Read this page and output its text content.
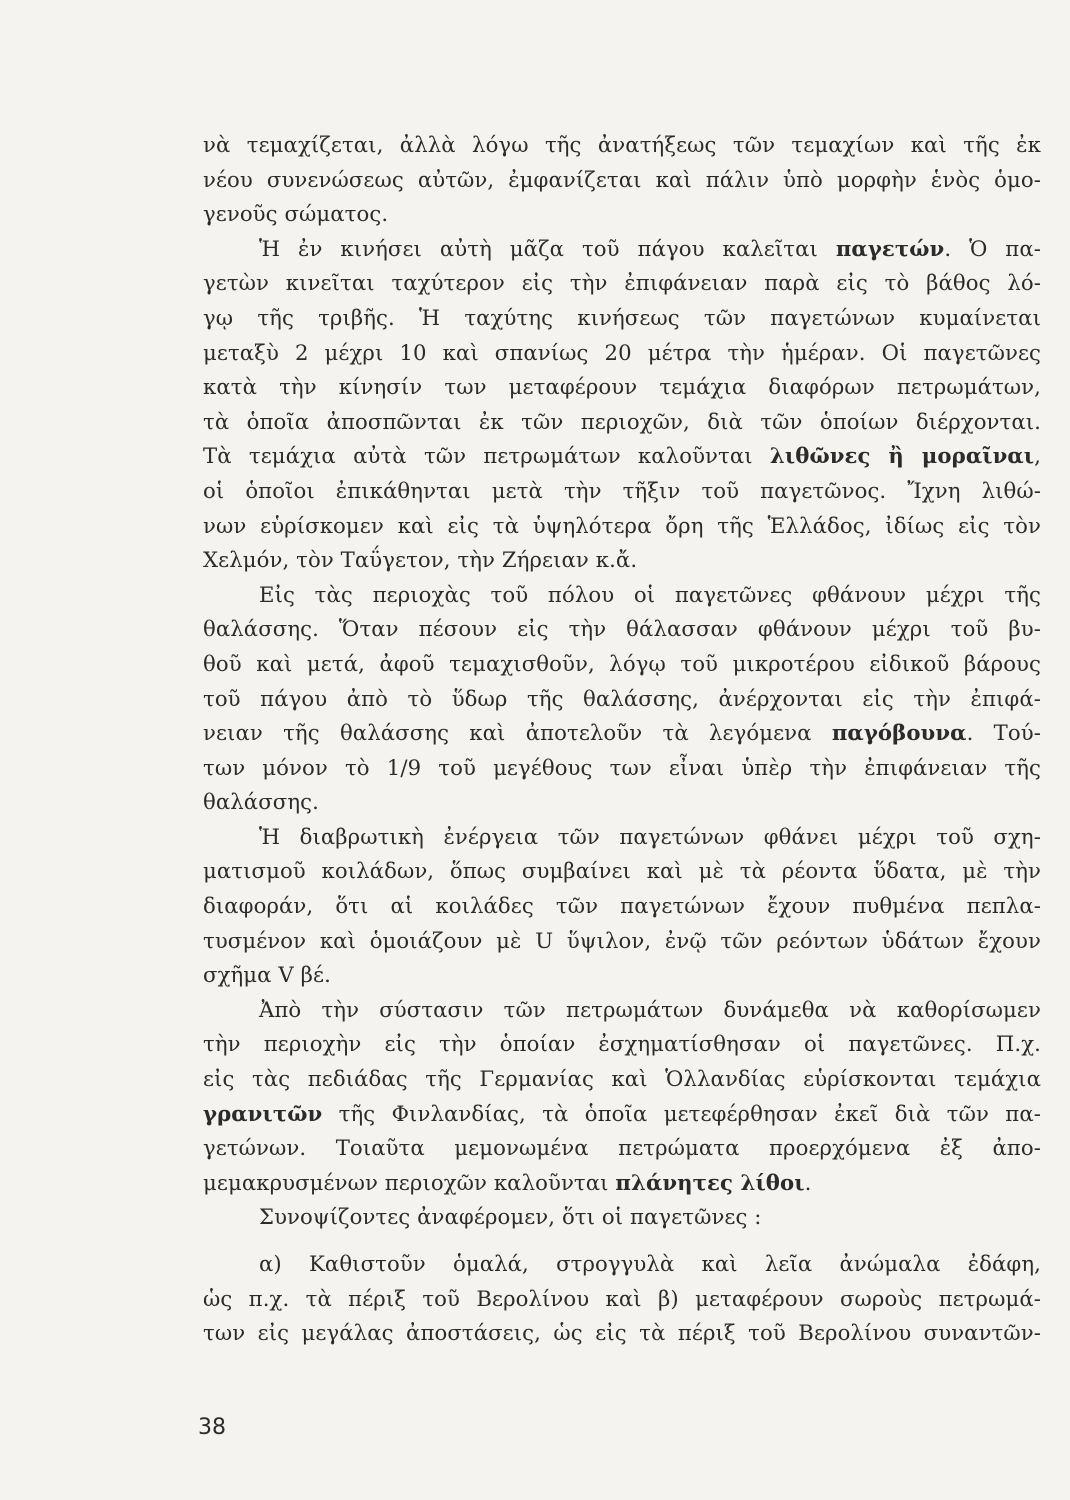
νὰ τεμαχίζεται, ἀλλὰ λόγω τῆς ἀνατήξεως τῶν τεμαχίων καὶ τῆς ἐκ
νέου συνενώσεως αὐτῶν, ἐμφανίζεται καὶ πάλιν ὑπὸ μορφὴν ἑνὸς ὁμο-
γενοῦς σώματος.
Ἡ ἐν κινήσει αὐτὴ μᾶζα τοῦ πάγου καλεῖται παγετών. Ὁ πα-
γετὼν κινεῖται ταχύτερον εἰς τὴν ἐπιφάνειαν παρὰ εἰς τὸ βάθος λό-
γῳ τῆς τριβῆς. Ἡ ταχύτης κινήσεως τῶν παγετώνων κυμαίνεται
μεταξὺ 2 μέχρι 10 καὶ σπανίως 20 μέτρα τὴν ἡμέραν. Οἱ παγετῶνες
κατὰ τὴν κίνησίν των μεταφέρουν τεμάχια διαφόρων πετρωμάτων,
τὰ ὁποῖα ἀποσπῶνται ἐκ τῶν περιοχῶν, διὰ τῶν ὁποίων διέρχονται.
Τὰ τεμάχια αὐτὰ τῶν πετρωμάτων καλοῦνται λιθῶνες ἢ μοραῖναι,
οἱ ὁποῖοι ἐπικάθηνται μετὰ τὴν τῆξιν τοῦ παγετῶνος. Ἴχνη λιθώ-
νων εὑρίσκομεν καὶ εἰς τὰ ὑψηλότερα ὄρη τῆς Ἑλλάδος, ἰδίως εἰς τὸν
Χελμόν, τὸν Ταΰγετον, τὴν Ζήρειαν κ.ἄ.
Εἰς τὰς περιοχὰς τοῦ πόλου οἱ παγετῶνες φθάνουν μέχρι τῆς
θαλάσσης. Ὅταν πέσουν εἰς τὴν θάλασσαν φθάνουν μέχρι τοῦ βυ-
θοῦ καὶ μετά, ἀφοῦ τεμαχισθοῦν, λόγῳ τοῦ μικροτέρου εἰδικοῦ βάρους
τοῦ πάγου ἀπὸ τὸ ὕδωρ τῆς θαλάσσης, ἀνέρχονται εἰς τὴν ἐπιφά-
νειαν τῆς θαλάσσης καὶ ἀποτελοῦν τὰ λεγόμενα παγόβουνα. Τού-
των μόνον τὸ 1/9 τοῦ μεγέθους των εἶναι ὑπὲρ τὴν ἐπιφάνειαν τῆς
θαλάσσης.
Ἡ διαβρωτικὴ ἐνέργεια τῶν παγετώνων φθάνει μέχρι τοῦ σχη-
ματισμοῦ κοιλάδων, ὅπως συμβαίνει καὶ μὲ τὰ ρέοντα ὕδατα, μὲ τὴν
διαφοράν, ὅτι αἱ κοιλάδες τῶν παγετώνων ἔχουν πυθμένα πεπλα-
τυσμένον καὶ ὁμοιάζουν μὲ U ὕψιλον, ἐνῷ τῶν ρεόντων ὑδάτων ἔχουν
σχῆμα V βέ.
Ἀπὸ τὴν σύστασιν τῶν πετρωμάτων δυνάμεθα νὰ καθορίσωμεν
τὴν περιοχὴν εἰς τὴν ὁποίαν ἐσχηματίσθησαν οἱ παγετῶνες. Π.χ.
εἰς τὰς πεδιάδας τῆς Γερμανίας καὶ Ὁλλανδίας εὑρίσκονται τεμάχια
γρανιτῶν τῆς Φινλανδίας, τὰ ὁποῖα μετεφέρθησαν ἐκεῖ διὰ τῶν πα-
γετώνων. Τοιαῦτα μεμονωμένα πετρώματα προερχόμενα ἐξ ἀπο-
μεμακρυσμένων περιοχῶν καλοῦνται πλάνητες λίθοι.
Συνοψίζοντες ἀναφέρομεν, ὅτι οἱ παγετῶνες :
α) Καθιστοῦν ὁμαλά, στρογγυλὰ καὶ λεῖα ἀνώμαλα ἐδάφη,
ὡς π.χ. τὰ πέριξ τοῦ Βερολίνου καὶ β) μεταφέρουν σωροὺς πετρωμά-
των εἰς μεγάλας ἀποστάσεις, ὡς εἰς τὰ πέριξ τοῦ Βερολίνου συναντῶν-
38
